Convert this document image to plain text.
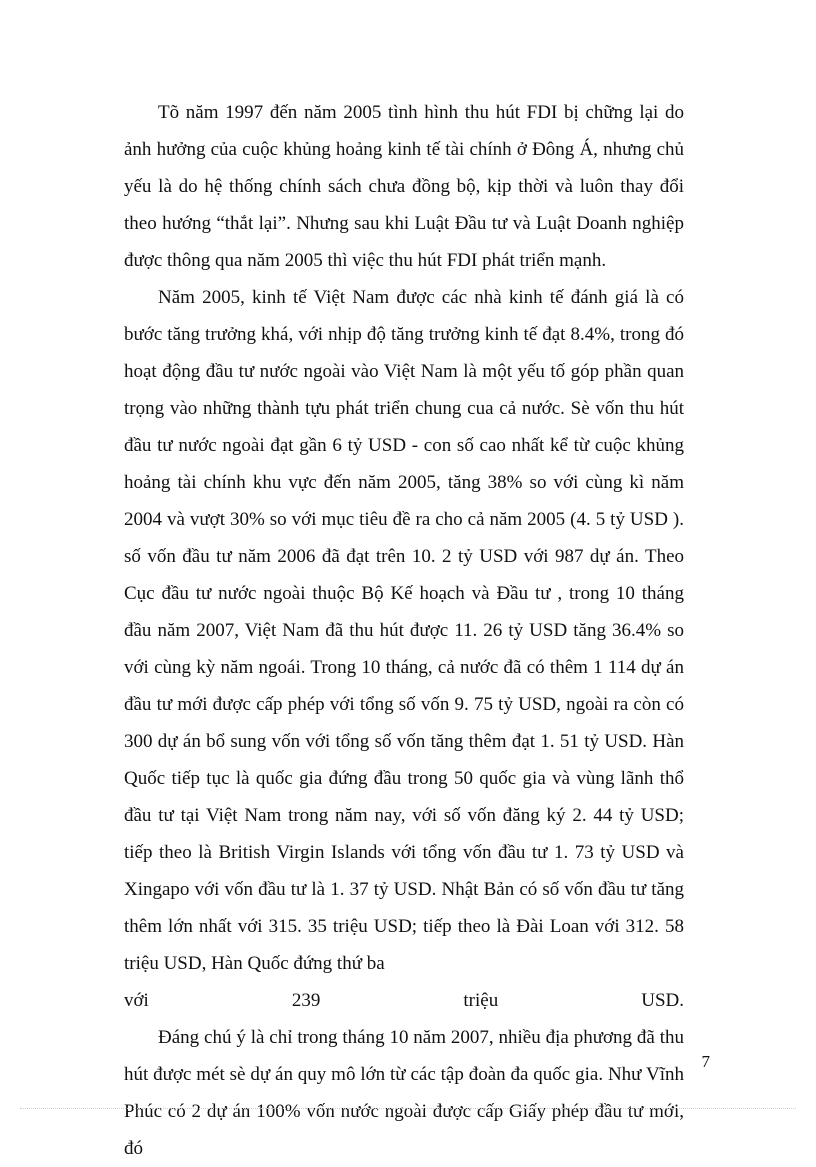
Tõ năm 1997 đến năm 2005 tình hình thu hút FDI bị chững lại do ảnh hưởng của cuộc khủng hoảng kinh tế tài chính ở Đông Á, nhưng chủ yếu là do hệ thống chính sách chưa đồng bộ, kịp thời và luôn thay đổi theo hướng “thắt lại”. Nhưng sau khi Luật Đầu tư và Luật Doanh nghiệp được thông qua năm 2005 thì việc thu hút FDI phát triển mạnh.

Năm 2005, kinh tế Việt Nam được các nhà kinh tế đánh giá là có bước tăng trưởng khá, với nhịp độ tăng trưởng kinh tế đạt 8.4%, trong đó hoạt động đầu tư nước ngoài vào Việt Nam là một yếu tố góp phần quan trọng vào những thành tựu phát triển chung cua cả nước. Sè vốn thu hút đầu tư nước ngoài đạt gần 6 tỷ USD - con số cao nhất kể từ cuộc khủng hoảng tài chính khu vực đến năm 2005, tăng 38% so với cùng kì năm 2004 và vượt 30% so với mục tiêu đề ra cho cả năm 2005 (4. 5 tỷ USD ). số vốn đầu tư năm 2006 đã đạt trên 10. 2 tỷ USD với 987 dự án. Theo Cục đầu tư nước ngoài thuộc Bộ Kế hoạch và Đầu tư , trong 10 tháng đầu năm 2007, Việt Nam đã thu hút được 11. 26 tỷ USD tăng 36.4% so với cùng kỳ năm ngoái. Trong 10 tháng, cả nước đã có thêm 1 114 dự án đầu tư mới được cấp phép với tổng số vốn 9. 75 tỷ USD, ngoài ra còn có 300 dự án bổ sung vốn với tổng số vốn tăng thêm đạt 1. 51 tỷ USD. Hàn Quốc tiếp tục là quốc gia đứng đầu trong 50 quốc gia và vùng lãnh thổ đầu tư tại Việt Nam trong năm nay, với số vốn đăng ký 2. 44 tỷ USD; tiếp theo là British Virgin Islands với tổng vốn đầu tư 1. 73 tỷ USD và Xingapo với vốn đầu tư là 1. 37 tỷ USD. Nhật Bản có số vốn đầu tư tăng thêm lớn nhất với 315. 35 triệu USD; tiếp theo là Đài Loan với 312. 58 triệu USD, Hàn Quốc đứng thứ ba

với 239 triệu USD.

Đáng chú ý là chỉ trong tháng 10 năm 2007, nhiều địa phương đã thu hút được mét sè dự án quy mô lớn từ các tập đoàn đa quốc gia. Như Vĩnh Phúc có 2 dự án 100% vốn nước ngoài được cấp Giấy phép đầu tư mới, đó

7
